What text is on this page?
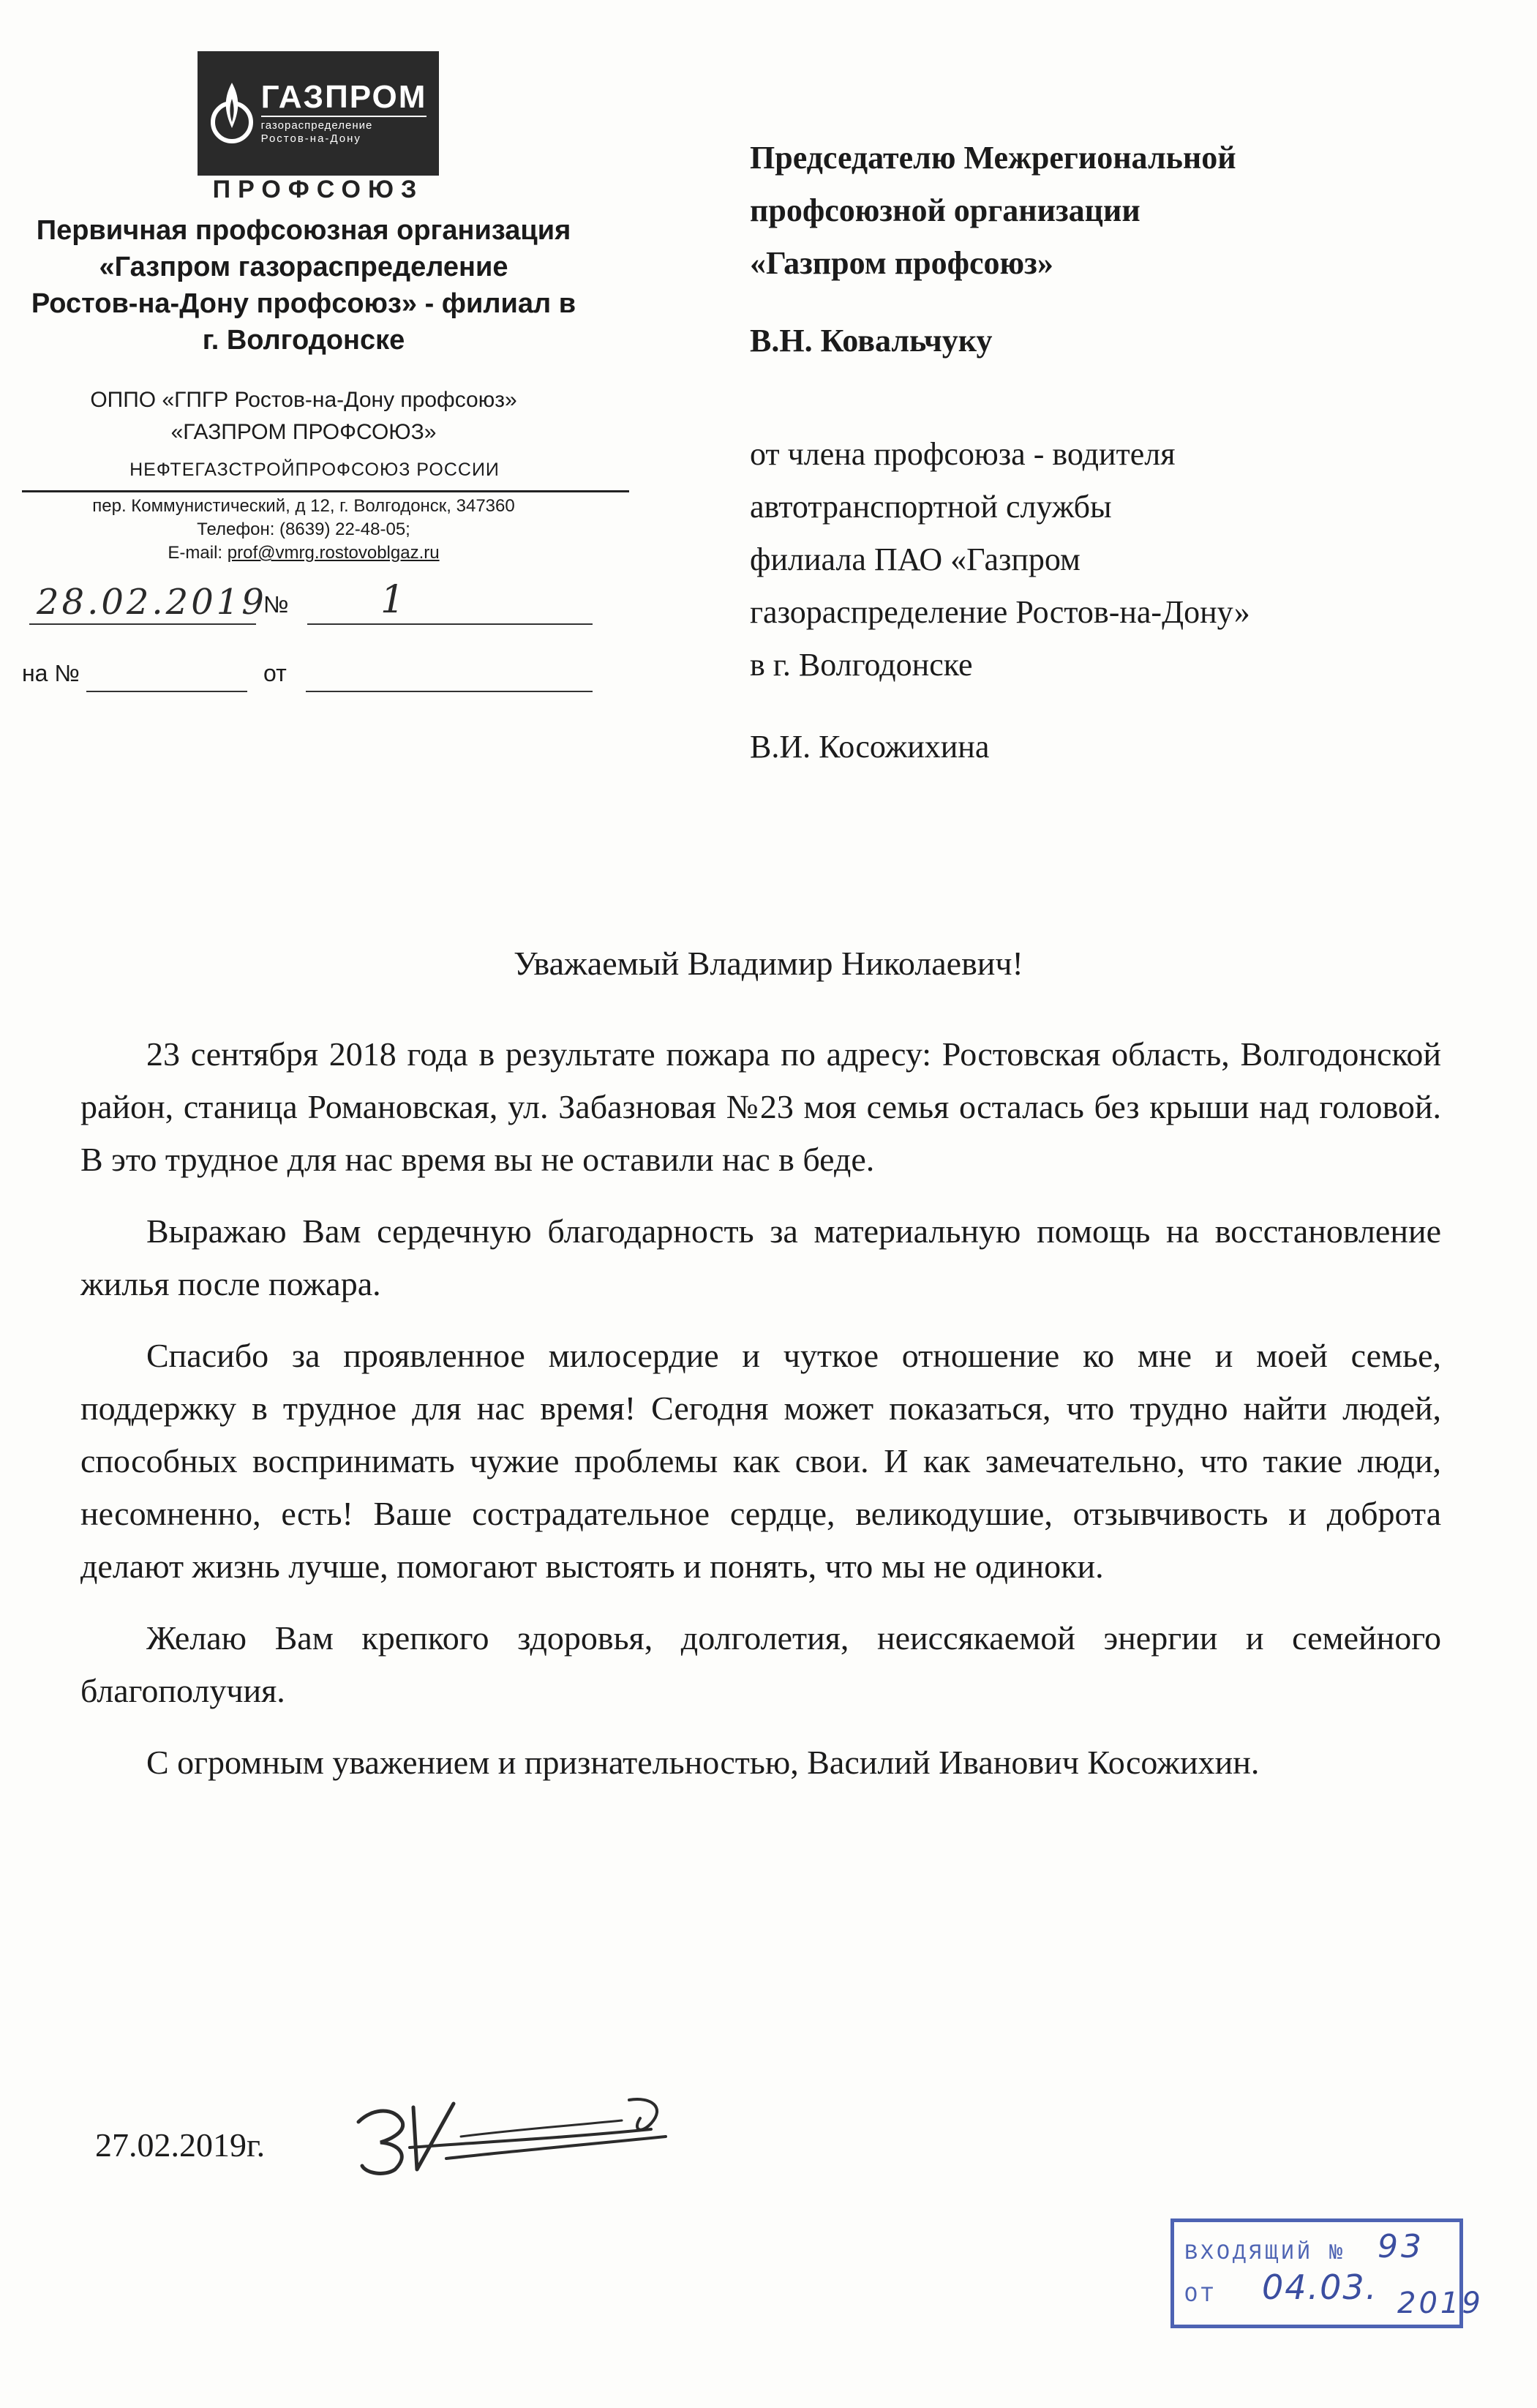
ГАЗПРОМ
газораспределение
Ростов-на-Дону
ПРОФСОЮЗ
Первичная профсоюзная организация
«Газпром газораспределение
Ростов-на-Дону профсоюз» - филиал в
г. Волгодонске
ОППО «ГПГР Ростов-на-Дону профсоюз»
«ГАЗПРОМ ПРОФСОЮЗ»
НЕФТЕГАЗСТРОЙПРОФСОЮЗ РОССИИ
пер. Коммунистический, д 12, г. Волгодонск, 347360
Телефон: (8639) 22-48-05;
E-mail: prof@vmrg.rostovoblgaz.ru
28.02.2019
№ 1
на №	от
Председателю Межрегиональной
профсоюзной организации
«Газпром профсоюз»
В.Н. Ковальчуку
от члена профсоюза - водителя
автотранспортной службы
филиала ПАО «Газпром
газораспределение Ростов-на-Дону»
в г. Волгодонске
В.И. Косожихина
Уважаемый Владимир Николаевич!

23 сентября 2018 года в результате пожара по адресу: Ростовская область, Волгодонской район, станица Романовская, ул. Забазновая №23 моя семья осталась без крыши над головой. В это трудное для нас время вы не оставили нас в беде.

Выражаю Вам сердечную благодарность за материальную помощь на восстановление жилья после пожара.

Спасибо за проявленное милосердие и чуткое отношение ко мне и моей семье, поддержку в трудное для нас время! Сегодня может показаться, что трудно найти людей, способных воспринимать чужие проблемы как свои. И как замечательно, что такие люди, несомненно, есть! Ваше сострадательное сердце, великодушие, отзывчивость и доброта делают жизнь лучше, помогают выстоять и понять, что мы не одиноки.

Желаю Вам крепкого здоровья, долголетия, неиссякаемой энергии и семейного благополучия.

С огромным уважением и признательностью, Василий Иванович Косожихин.

27.02.2019г.
ВХОДЯЩИЙ №
ОТ
93
04.03. 2019
